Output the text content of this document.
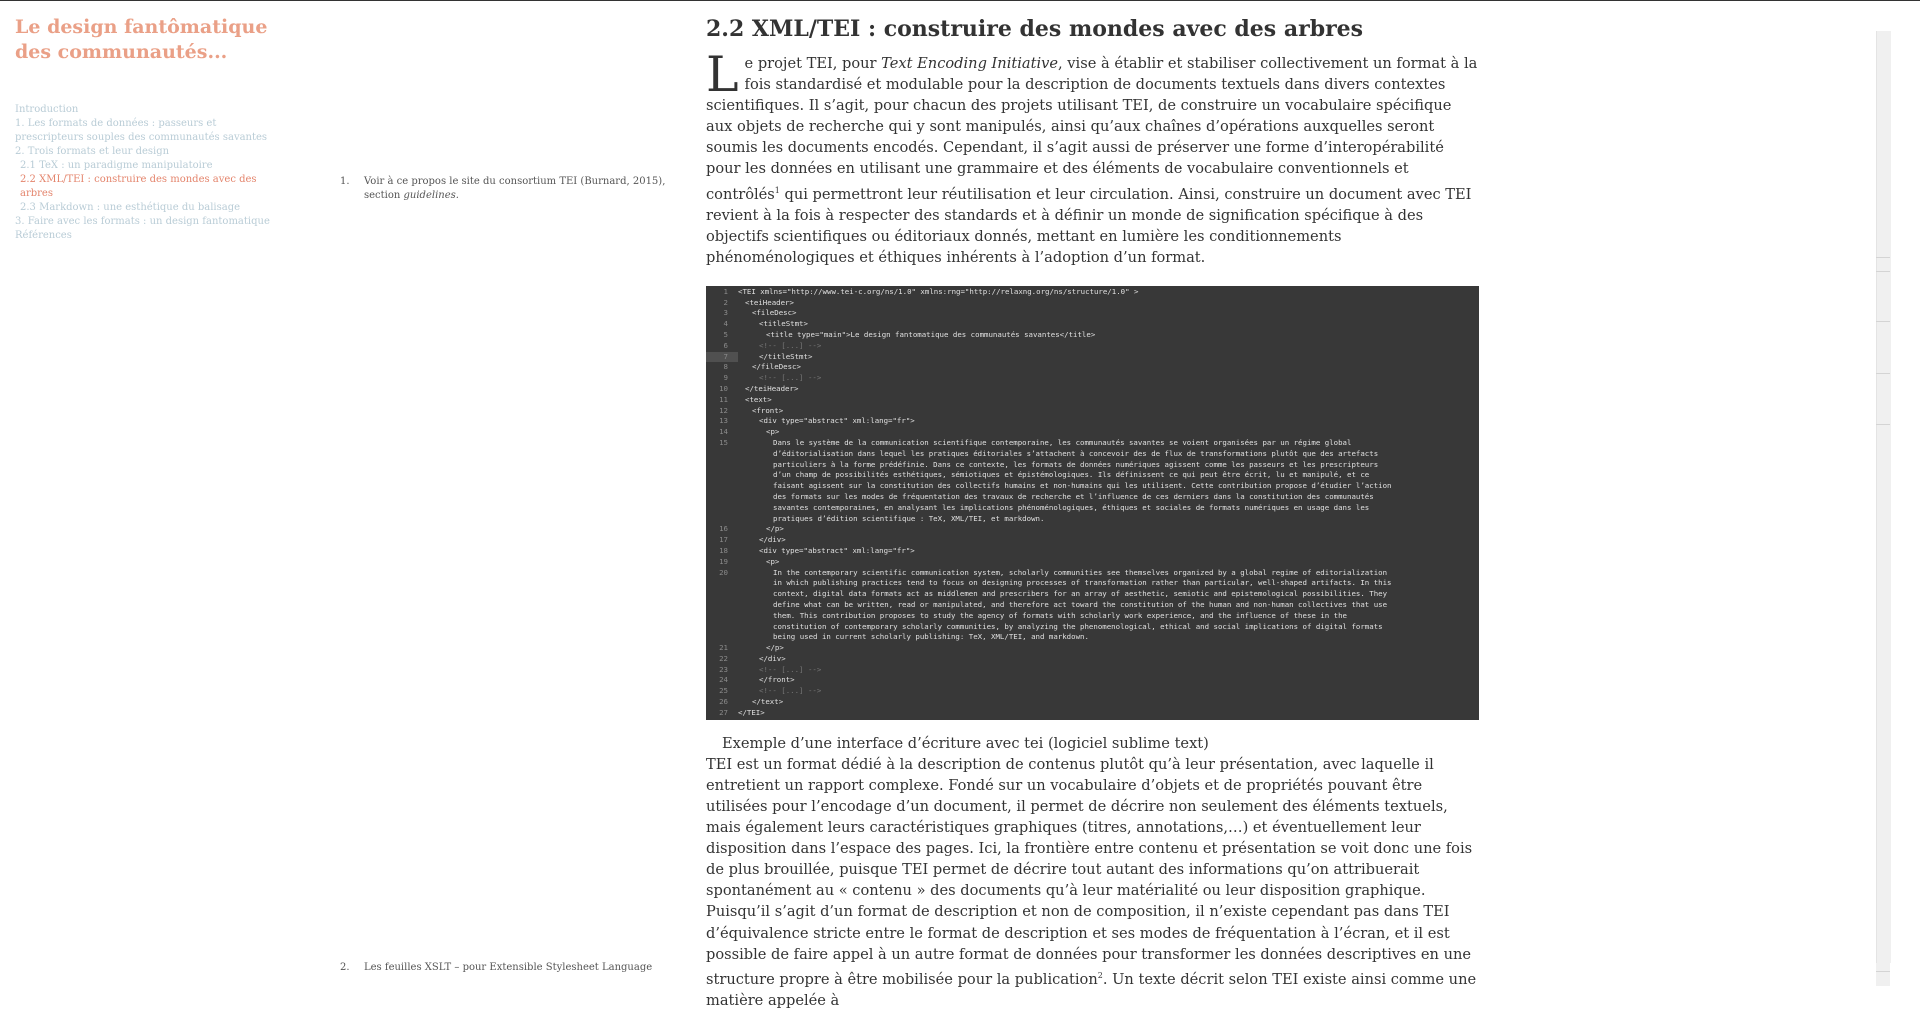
Le design fantômatique des communautés...
Introduction
1. Les formats de données : passeurs et prescripteurs souples des communautés savantes
2. Trois formats et leur design
2.1 TeX : un paradigme manipulatoire
2.2 XML/TEI : construire des mondes avec des arbres
2.3 Markdown : une esthétique du balisage
3. Faire avec les formats : un design fantomatique
Références
1.	Voir à ce propos le site du consortium TEI (Burnard, 2015), section guidelines.
2.	Les feuilles XSLT – pour Extensible Stylesheet Language
2.2 XML/TEI : construire des mondes avec des arbres

Le projet TEI, pour Text Encoding Initiative, vise à établir et stabiliser collectivement un format à la fois standardisé et modulable pour la description de documents textuels dans divers contextes scientifiques. Il s’agit, pour chacun des projets utilisant TEI, de construire un vocabulaire spécifique aux objets de recherche qui y sont manipulés, ainsi qu’aux chaînes d’opérations auxquelles seront soumis les documents encodés. Cependant, il s’agit aussi de préserver une forme d’interopérabilité pour les données en utilisant une grammaire et des éléments de vocabulaire conventionnels et contrôlés$^1$ qui permettront leur réutilisation et leur circulation. Ainsi, construire un document avec TEI revient à la fois à respecter des standards et à définir un monde de signification spécifique à des objectifs scientifiques ou éditoriaux donnés, mettant en lumière les conditionnements phénoménologiques et éthiques inhérents à l’adoption d’un format.

1	<TEI xmlns="http://www.tei-c.org/ns/1.0" xmlns:rng="http://relaxng.org/ns/structure/1.0" >
2	<teiHeader>
3	<fileDesc>
4	<titleStmt>
5	<title type="main">Le design fantomatique des communautés savantes</title>
6	<!-- [...] -->
7	</titleStmt>
8	</fileDesc>
9	<!-- [...] -->
10	</teiHeader>
11	<text>
12	<front>
13	<div type="abstract" xml:lang="fr">
14	<p>
15	Dans le système de la communication scientifique contemporaine, les communautés savantes se voient organisées par un régime global
d’éditorialisation dans lequel les pratiques éditoriales s’attachent à concevoir des de flux de transformations plutôt que des artefacts
particuliers à la forme prédéfinie. Dans ce contexte, les formats de données numériques agissent comme les passeurs et les prescripteurs
d’un champ de possibilités esthétiques, sémiotiques et épistémologiques. Ils définissent ce qui peut être écrit, lu et manipulé, et ce
faisant agissent sur la constitution des collectifs humains et non-humains qui les utilisent. Cette contribution propose d’étudier l’action
des formats sur les modes de fréquentation des travaux de recherche et l’influence de ces derniers dans la constitution des communautés
savantes contemporaines, en analysant les implications phénoménologiques, éthiques et sociales de formats numériques en usage dans les
pratiques d’édition scientifique : TeX, XML/TEI, et markdown.
16	</p>
17	</div>
18	<div type="abstract" xml:lang="fr">
19	<p>
20	In the contemporary scientific communication system, scholarly communities see themselves organized by a global regime of editorialization
in which publishing practices tend to focus on designing processes of transformation rather than particular, well-shaped artifacts. In this
context, digital data formats act as middlemen and prescribers for an array of aesthetic, semiotic and epistemological possibilities. They
define what can be written, read or manipulated, and therefore act toward the constitution of the human and non-human collectives that use
them. This contribution proposes to study the agency of formats with scholarly work experience, and the influence of these in the
constitution of contemporary scholarly communities, by analyzing the phenomenological, ethical and social implications of digital formats
being used in current scholarly publishing: TeX, XML/TEI, and markdown.
21	</p>
22	</div>
23	<!-- [...] -->
24	</front>
25	<!-- [...] -->
26	</text>
27	</TEI>
Exemple d’une interface d’écriture avec tei (logiciel sublime text)

TEI est un format dédié à la description de contenus plutôt qu’à leur présentation, avec laquelle il entretient un rapport complexe. Fondé sur un vocabulaire d’objets et de propriétés pouvant être utilisées pour l’encodage d’un document, il permet de décrire non seulement des éléments textuels, mais également leurs caractéristiques graphiques (titres, annotations,…) et éventuellement leur disposition dans l’espace des pages. Ici, la frontière entre contenu et présentation se voit donc une fois de plus brouillée, puisque TEI permet de décrire tout autant des informations qu’on attribuerait spontanément au « contenu » des documents qu’à leur matérialité ou leur disposition graphique. Puisqu’il s’agit d’un format de description et non de composition, il n’existe cependant pas dans TEI d’équivalence stricte entre le format de description et ses modes de fréquentation à l’écran, et il est possible de faire appel à un autre format de données pour transformer les données descriptives en une structure propre à être mobilisée pour la publication$^2$. Un texte décrit selon TEI existe ainsi comme une matière appelée à
